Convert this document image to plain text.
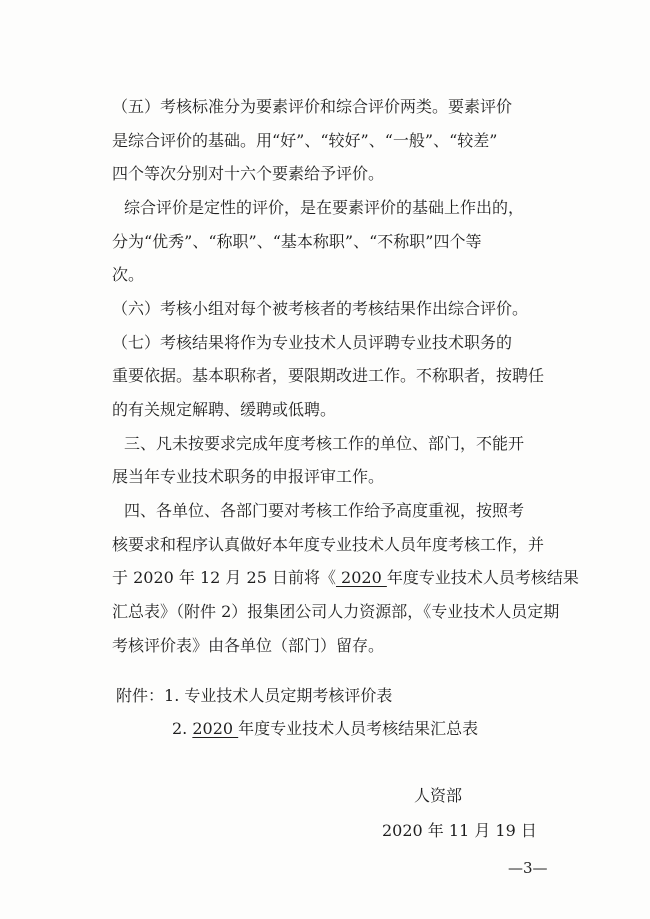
（五）考核标准分为要素评价和综合评价两类。要素评价
是综合评价的基础。用“好”、“较好”、“一般”、“较差”
四个等次分别对十六个要素给予评价。
综合评价是定性的评价，是在要素评价的基础上作出的，
分为“优秀”、“称职”、“基本称职”、“不称职”四个等
次。
（六）考核小组对每个被考核者的考核结果作出综合评价。
（七）考核结果将作为专业技术人员评聘专业技术职务的
重要依据。基本职称者，要限期改进工作。不称职者，按聘任
的有关规定解聘、缓聘或低聘。
三、凡未按要求完成年度考核工作的单位、部门，不能开
展当年专业技术职务的申报评审工作。
四、各单位、各部门要对考核工作给予高度重视，按照考
核要求和程序认真做好本年度专业技术人员年度考核工作，并
于 2020 年 12 月 25 日前将《 2020 年度专业技术人员考核结果
汇总表》（附件 2）报集团公司人力资源部，《专业技术人员定期
考核评价表》由各单位（部门）留存。
附件：1. 专业技术人员定期考核评价表
2. 2020 年度专业技术人员考核结果汇总表
人资部
2020 年 11 月 19 日
—3—
